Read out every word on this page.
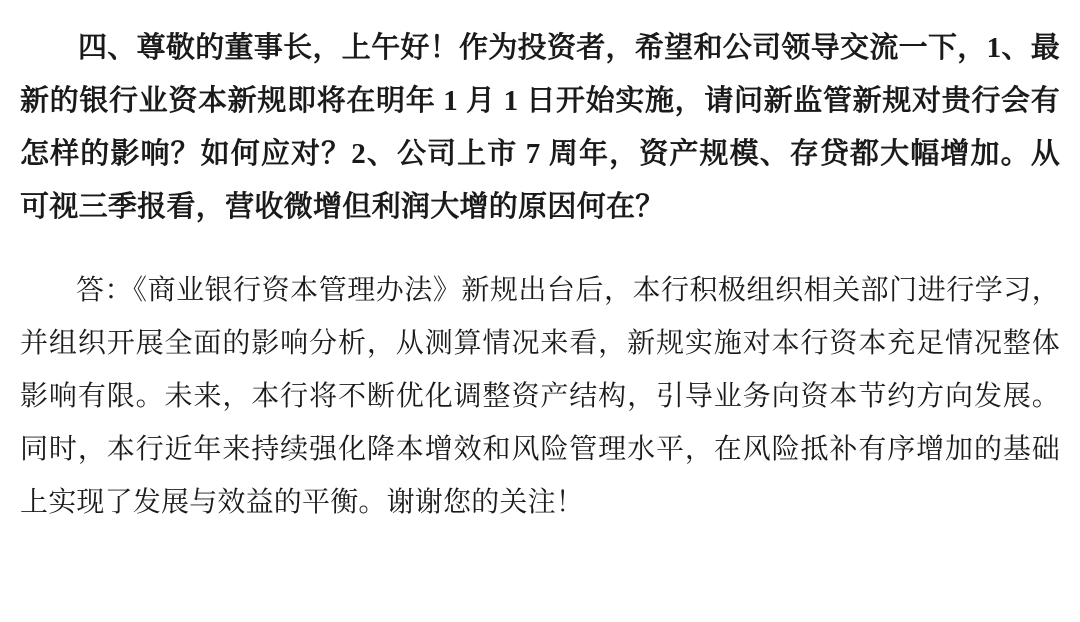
四、尊敬的董事长，上午好！作为投资者，希望和公司领导交流一下，1、最新的银行业资本新规即将在明年 1 月 1 日开始实施，请问新监管新规对贵行会有怎样的影响？如何应对？2、公司上市 7 周年，资产规模、存贷都大幅增加。从可视三季报看，营收微增但利润大增的原因何在？

答：《商业银行资本管理办法》新规出台后，本行积极组织相关部门进行学习，并组织开展全面的影响分析，从测算情况来看，新规实施对本行资本充足情况整体影响有限。未来，本行将不断优化调整资产结构，引导业务向资本节约方向发展。同时，本行近年来持续强化降本增效和风险管理水平，在风险抵补有序增加的基础上实现了发展与效益的平衡。谢谢您的关注！
